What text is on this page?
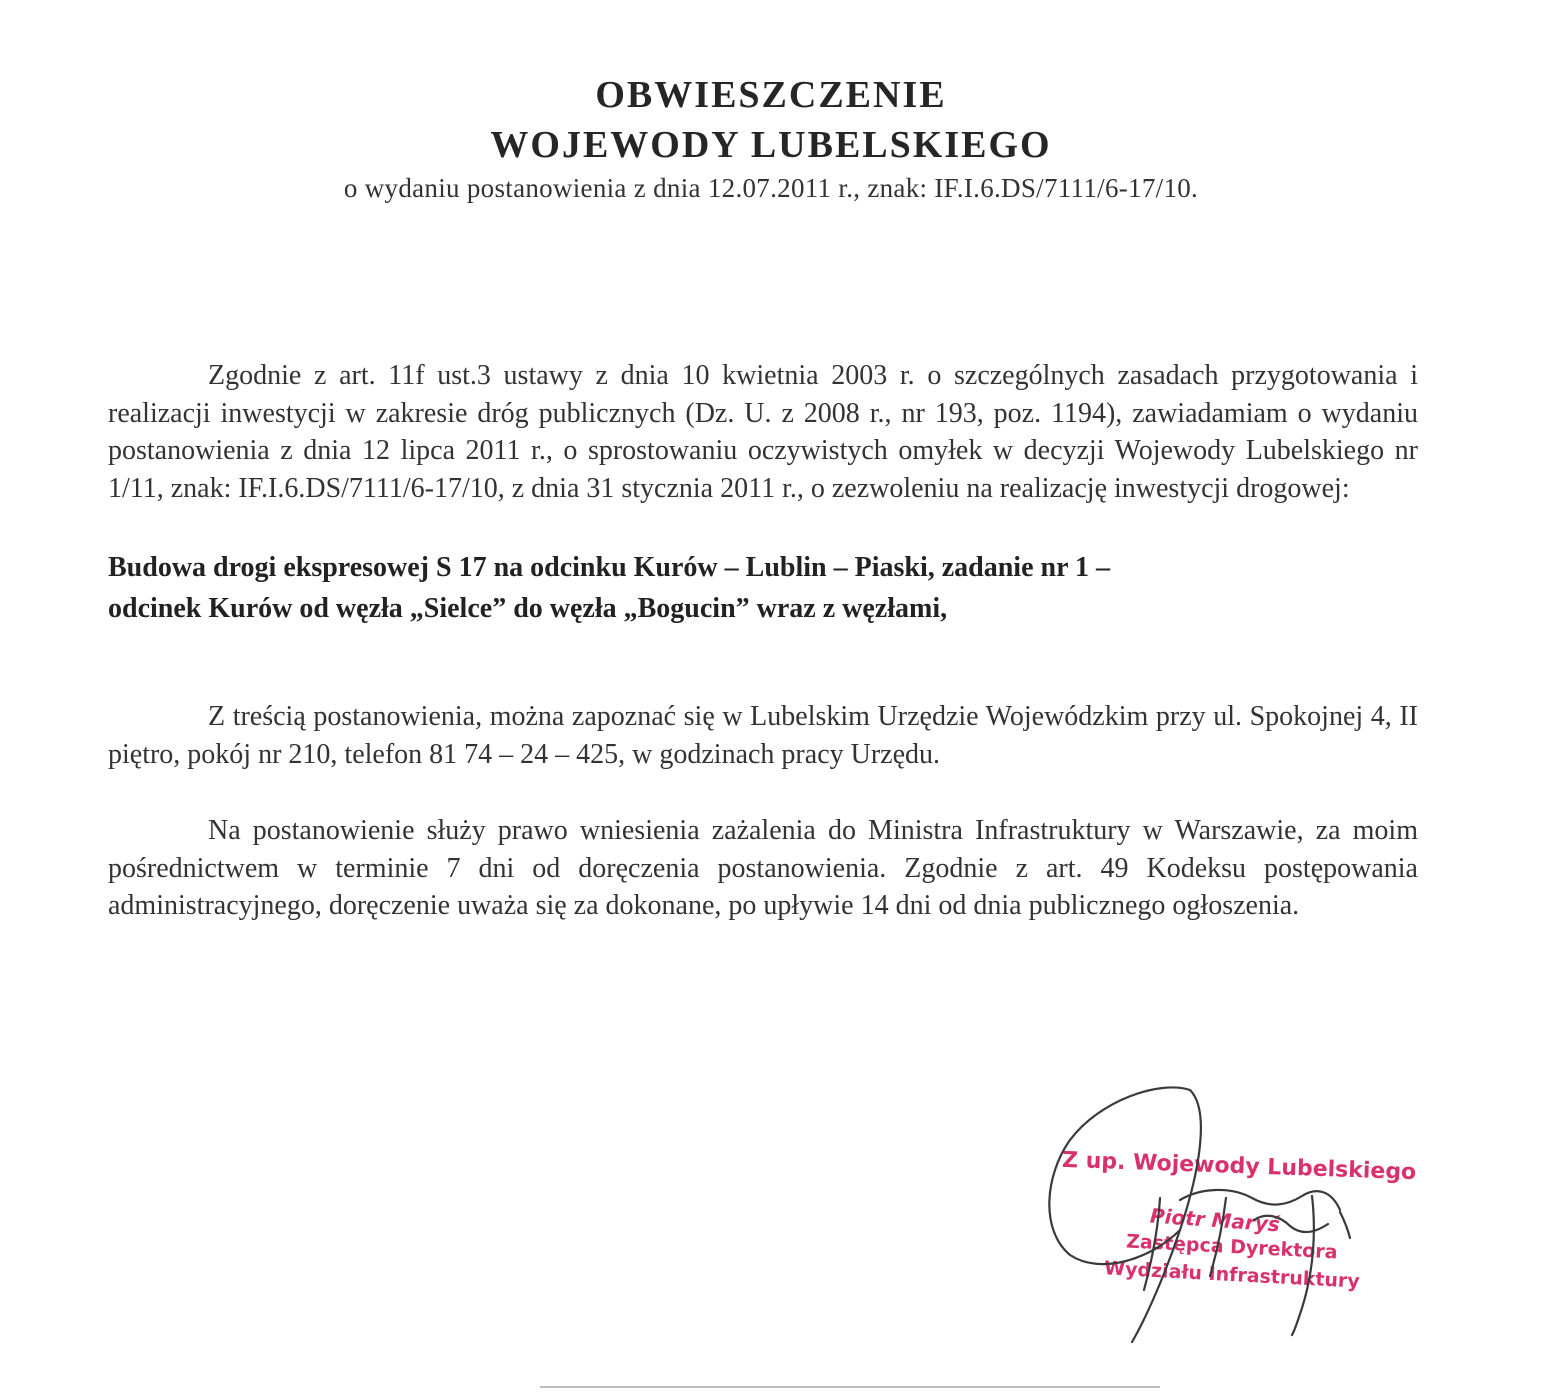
OBWIESZCZENIE
WOJEWODY LUBELSKIEGO

o wydaniu postanowienia z dnia 12.07.2011 r., znak: IF.I.6.DS/7111/6-17/10.

Zgodnie z art. 11f ust.3 ustawy z dnia 10 kwietnia 2003 r. o szczególnych zasadach przygotowania i realizacji inwestycji w zakresie dróg publicznych (Dz. U. z 2008 r., nr 193, poz. 1194), zawiadamiam o wydaniu postanowienia z dnia 12 lipca 2011 r., o sprostowaniu oczywistych omyłek w decyzji Wojewody Lubelskiego nr 1/11, znak: IF.I.6.DS/7111/6-17/10, z dnia 31 stycznia 2011 r., o zezwoleniu na realizację inwestycji drogowej:

Budowa drogi ekspresowej S 17 na odcinku Kurów – Lublin – Piaski, zadanie nr 1 –

odcinek Kurów od węzła „Sielce” do węzła „Bogucin” wraz z węzłami,

Z treścią postanowienia, można zapoznać się w Lubelskim Urzędzie Wojewódzkim przy ul. Spokojnej 4, II piętro, pokój nr 210, telefon 81 74 – 24 – 425, w godzinach pracy Urzędu.

Na postanowienie służy prawo wniesienia zażalenia do Ministra Infrastruktury w Warszawie, za moim pośrednictwem w terminie 7 dni od doręczenia postanowienia. Zgodnie z art. 49 Kodeksu postępowania administracyjnego, doręczenie uważa się za dokonane, po upływie 14 dni od dnia publicznego ogłoszenia.

Z up. Wojewody Lubelskiego
Piotr Maryś
Zastępca Dyrektora
Wydziału Infrastruktury
